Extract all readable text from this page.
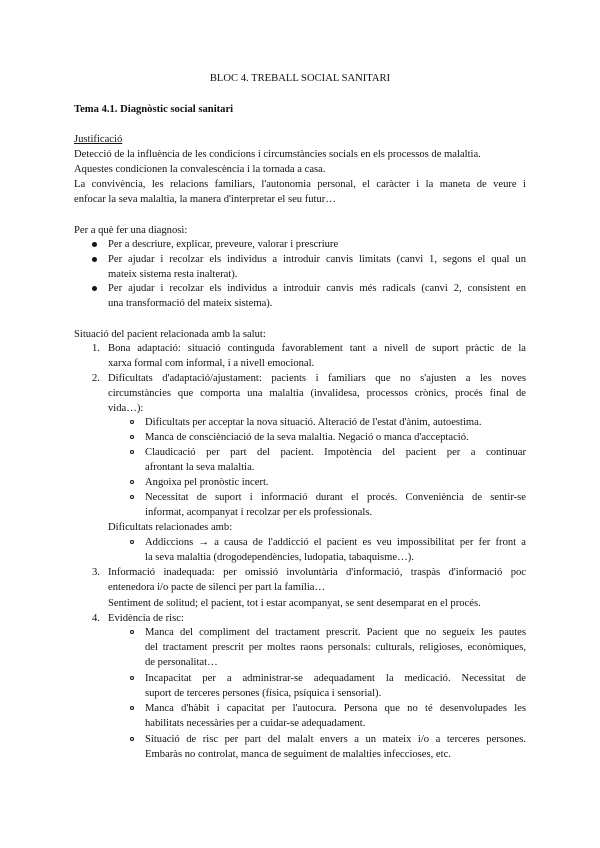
BLOC 4. TREBALL SOCIAL SANITARI
Tema 4.1. Diagnòstic social sanitari
Justificació
Detecció de la influència de les condicions i circumstàncies socials en els processos de malaltia.
Aquestes condicionen la convalescència i la tornada a casa.
La convivència, les relacions familiars, l'autonomia personal, el caràcter i la maneta de veure i
enfocar la seva malaltia, la manera d'interpretar el seu futur…
Per a què fer una diagnosi:
Per a descriure, explicar, preveure, valorar i prescriure
Per ajudar i recolzar els individus a introduir canvis limitats (canvi 1, segons el qual un
mateix sistema resta inalterat).
Per ajudar i recolzar els individus a introduir canvis més radicals (canvi 2, consistent en
una transformació del mateix sistema).
Situació del pacient relacionada amb la salut:
1. Bona adaptació: situació continguda favorablement tant a nivell de suport pràctic de la
xarxa formal com informal, i a nivell emocional.
2. Dificultats d'adaptació/ajustament: pacients i familiars que no s'ajusten a les noves
circumstàncies que comporta una malaltia (invalidesa, processos crònics, procés final de
vida…):
Dificultats per acceptar la nova situació. Alteració de l'estat d'ànim, autoestima.
Manca de consciènciació de la seva malaltia. Negació o manca d'acceptació.
Claudicació per part del pacient. Impotència del pacient per a continuar
afrontant la seva malaltia.
Angoixa pel pronòstic incert.
Necessitat de suport i informació durant el procés. Conveniència de sentir-se
informat, acompanyat i recolzar per els professionals.
Dificultats relacionades amb:
Addiccions → a causa de l'addicció el pacient es veu impossibilitat per fer front a
la seva malaltia (drogodependències, ludopatia, tabaquisme…).
3. Informació inadequada: per omissió involuntària d'informació, traspàs d'informació poc
entenedora i/o pacte de silenci per part la família…
Sentiment de solitud; el pacient, tot i estar acompanyat, se sent desemparat en el procés.
4. Evidència de risc:
Manca del compliment del tractament prescrit. Pacient que no segueix les pautes
del tractament prescrit per moltes raons personals: culturals, religioses, econòmiques,
de personalitat…
Incapacitat per a administrar-se adequadament la medicació. Necessitat de
suport de terceres persones (física, psíquica i sensorial).
Manca d'hàbit i capacitat per l'autocura. Persona que no té desenvolupades les
habilitats necessàries per a cuidar-se adequadament.
Situació de risc per part del malalt envers a un mateix i/o a terceres persones.
Embaràs no controlat, manca de seguiment de malalties infeccioses, etc.
